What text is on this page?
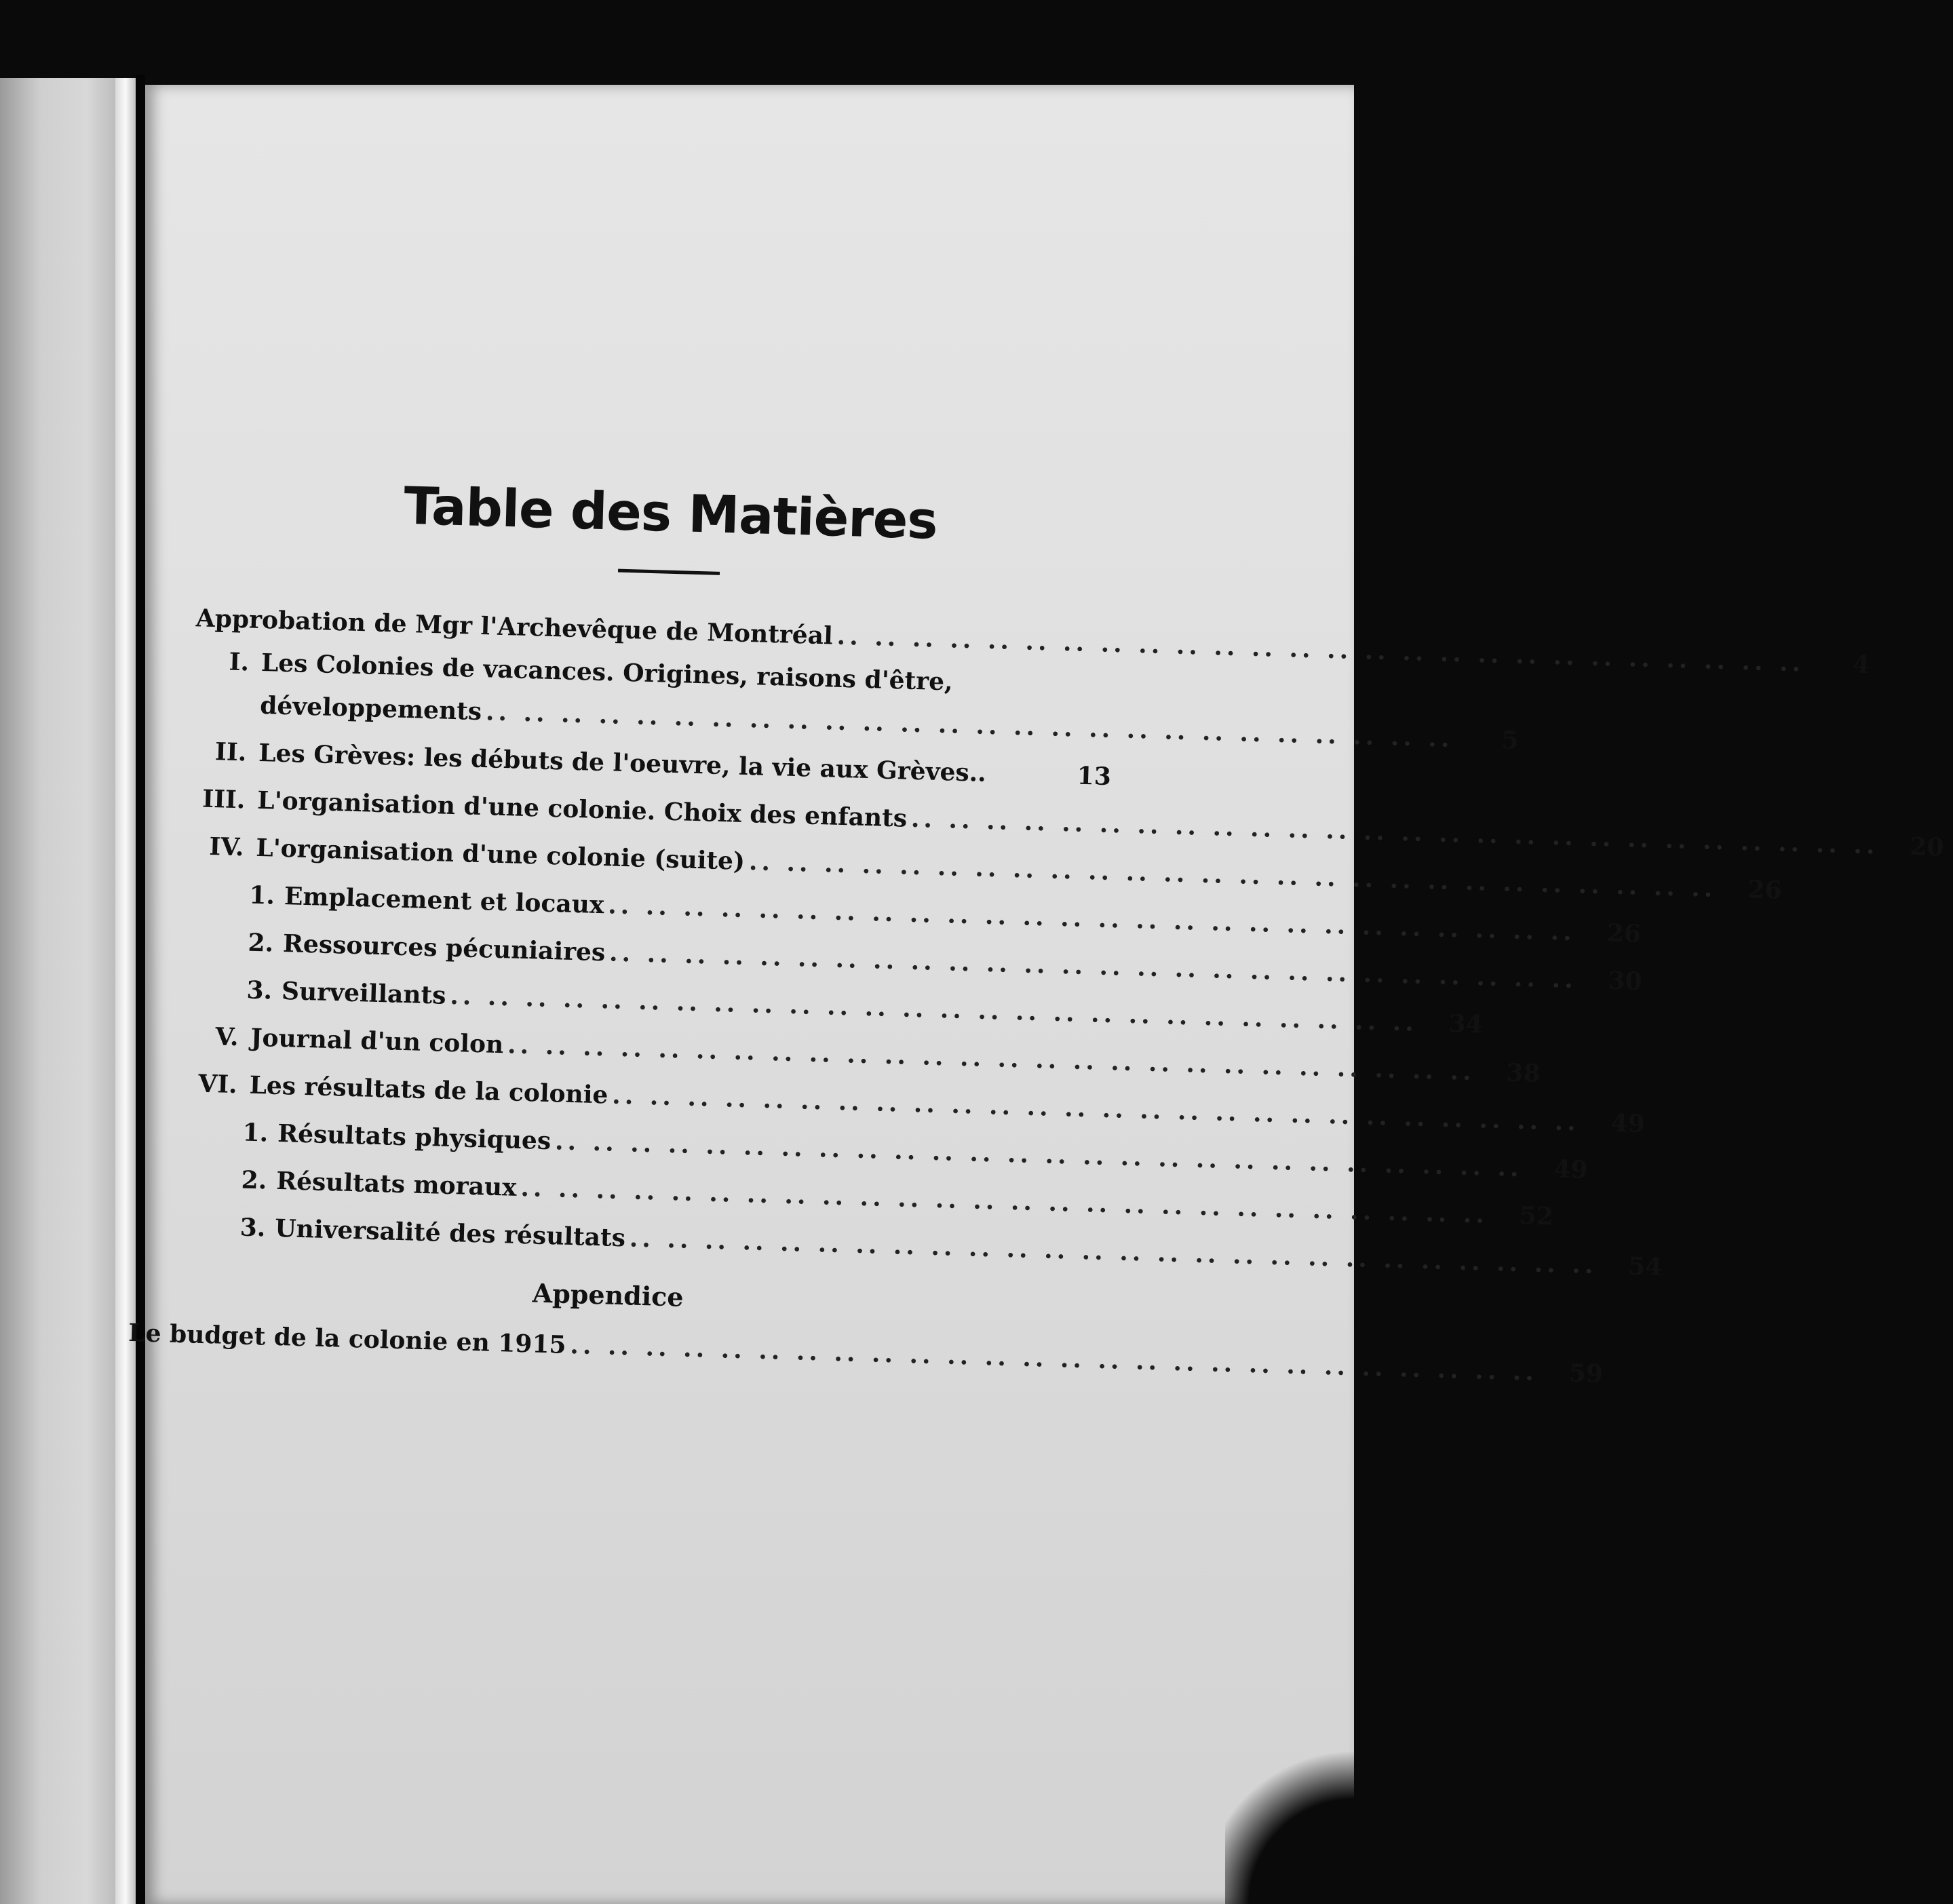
Table des Matières
Approbation de Mgr l'Archevêque de Montréal .. .. .. .. .. .. .. .. .. .. .. .. .. .. .. .. .. .. .. .. .. .. .. .. .. ..	4
I. Les Colonies de vacances. Origines, raisons d'être,
développements .. .. .. .. .. .. .. .. .. .. .. .. .. .. .. .. .. .. .. .. .. .. .. .. .. ..	5
II. Les Grèves: les débuts de l'oeuvre, la vie aux Grèves..	13
III. L'organisation d'une colonie. Choix des enfants .. .. .. .. .. .. .. .. .. .. .. .. .. .. .. .. .. .. .. .. .. .. .. .. .. ..	20
IV. L'organisation d'une colonie (suite) .. .. .. .. .. .. .. .. .. .. .. .. .. .. .. .. .. .. .. .. .. .. .. .. .. ..	26
1. Emplacement et locaux .. .. .. .. .. .. .. .. .. .. .. .. .. .. .. .. .. .. .. .. .. .. .. .. .. ..	26
2. Ressources pécuniaires .. .. .. .. .. .. .. .. .. .. .. .. .. .. .. .. .. .. .. .. .. .. .. .. .. ..	30
3. Surveillants .. .. .. .. .. .. .. .. .. .. .. .. .. .. .. .. .. .. .. .. .. .. .. .. .. ..	34
V. Journal d'un colon .. .. .. .. .. .. .. .. .. .. .. .. .. .. .. .. .. .. .. .. .. .. .. .. .. ..	38
VI. Les résultats de la colonie .. .. .. .. .. .. .. .. .. .. .. .. .. .. .. .. .. .. .. .. .. .. .. .. .. ..	49
1. Résultats physiques .. .. .. .. .. .. .. .. .. .. .. .. .. .. .. .. .. .. .. .. .. .. .. .. .. ..	49
2. Résultats moraux .. .. .. .. .. .. .. .. .. .. .. .. .. .. .. .. .. .. .. .. .. .. .. .. .. ..	52
3. Universalité des résultats .. .. .. .. .. .. .. .. .. .. .. .. .. .. .. .. .. .. .. .. .. .. .. .. .. ..	54
Appendice
Le budget de la colonie en 1915 .. .. .. .. .. .. .. .. .. .. .. .. .. .. .. .. .. .. .. .. .. .. .. .. .. ..	59
